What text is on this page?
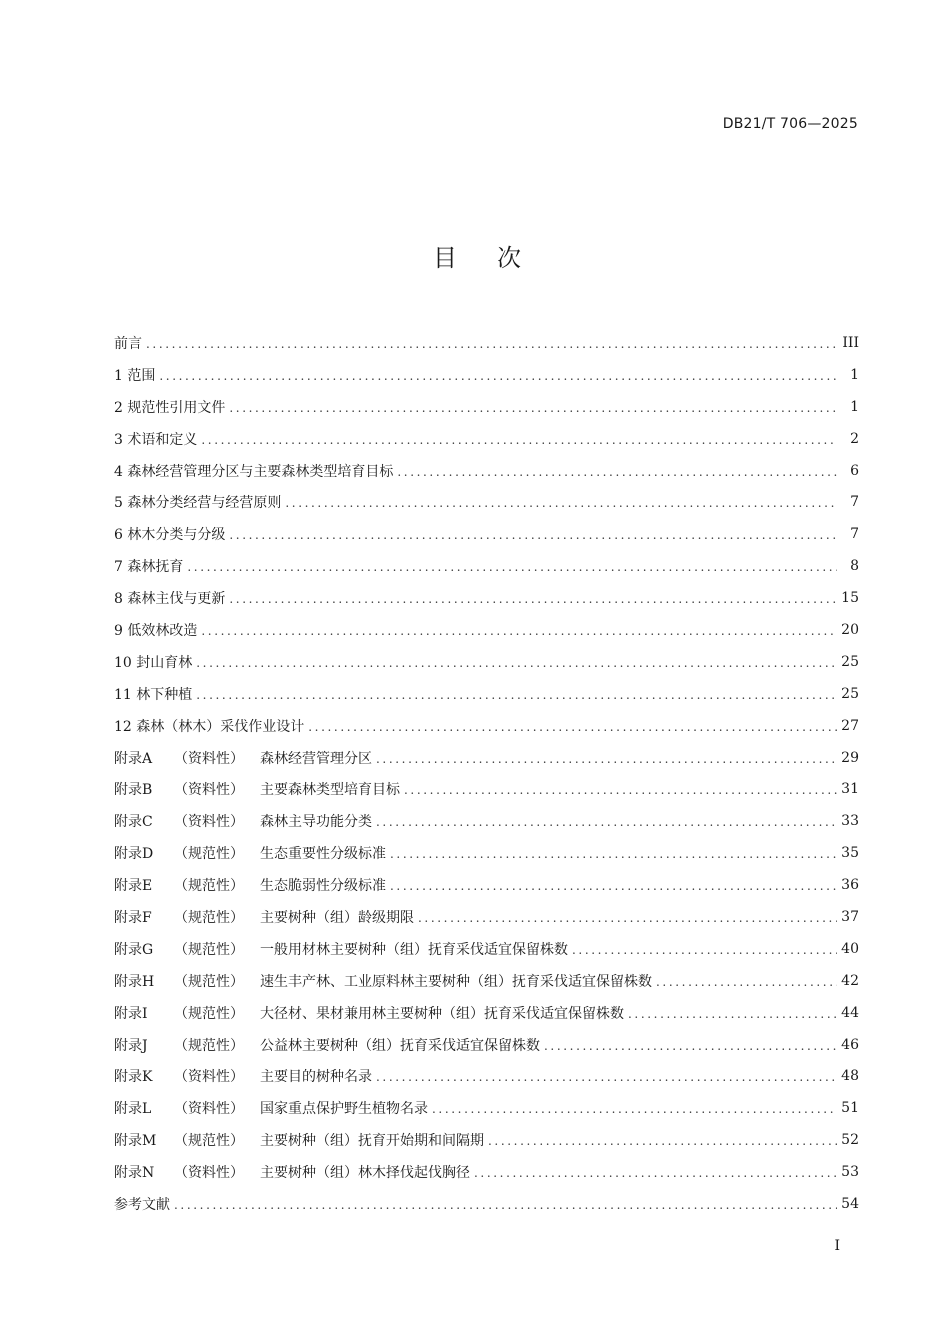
DB21/T 706—2025
目次
前言 .....	III
1 范围 .....	1
2 规范性引用文件 .....	1
3 术语和定义 .....	2
4 森林经营管理分区与主要森林类型培育目标 .....	6
5 森林分类经营与经营原则 .....	7
6 林木分类与分级 .....	7
7 森林抚育 .....	8
8 森林主伐与更新 .....	15
9 低效林改造 .....	20
10 封山育林 .....	25
11 林下种植 .....	25
12 森林（林木）采伐作业设计 .....	27
附录A （资料性） 森林经营管理分区 .....	29
附录B （资料性） 主要森林类型培育目标 .....	31
附录C （资料性） 森林主导功能分类 .....	33
附录D （规范性） 生态重要性分级标准 .....	35
附录E （规范性） 生态脆弱性分级标准 .....	36
附录F （规范性） 主要树种（组）龄级期限 .....	37
附录G （规范性） 一般用材林主要树种（组）抚育采伐适宜保留株数 .....	40
附录H （规范性） 速生丰产林、工业原料林主要树种（组）抚育采伐适宜保留株数 .....	42
附录I （规范性） 大径材、果材兼用林主要树种（组）抚育采伐适宜保留株数 .....	44
附录J （规范性） 公益林主要树种（组）抚育采伐适宜保留株数 .....	46
附录K （资料性） 主要目的树种名录 .....	48
附录L （资料性） 国家重点保护野生植物名录 .....	51
附录M （规范性） 主要树种（组）抚育开始期和间隔期 .....	52
附录N （资料性） 主要树种（组）林木择伐起伐胸径 .....	53
参考文献 .....	54
I
